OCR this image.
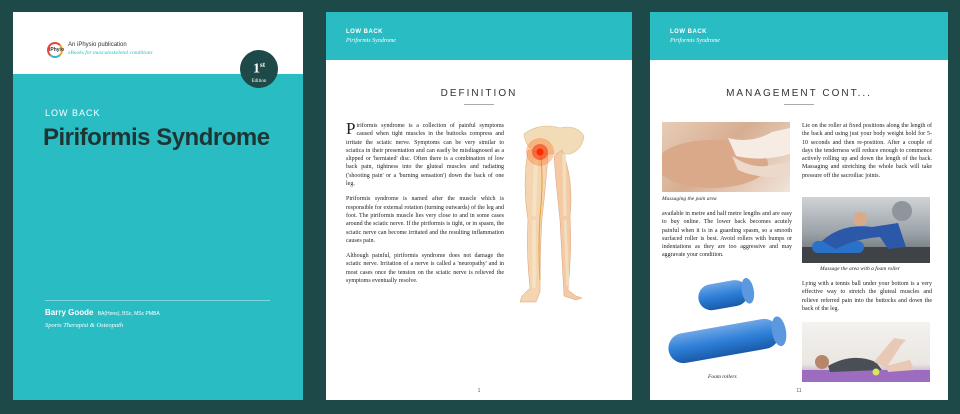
iPhyio
An iPhysio publication
eBooks for musculoskeletal conditions
1st
Edition
LOW BACK
Piriformis Syndrome
Barry Goode BA(Hons), BSc, MSc PMBA
Sports Therapist & Osteopath
LOW BACK
Piriformis Syndrome
DEFINITION

Piriformis syndrome is a collection of painful symptoms caused when tight muscles in the buttocks compress and irritate the sciatic nerve. Symptoms can be very similar to sciatica in their presentation and can easily be misdiagnosed as a slipped or 'herniated' disc. Often there is a combination of low back pain, tightness into the gluteal muscles and radiating ('shooting pain' or a 'burning sensation') down the back of one leg.

Piriformis syndrome is named after the muscle which is responsible for external rotation (turning outwards) of the leg and foot. The piriformis muscle lies very close to and in some cases around the sciatic nerve. If the piriformis is tight, or in spasm, the sciatic nerve can become irritated and the resulting inflammation causes pain.

Although painful, piriformis syndrome does not damage the sciatic nerve. Irritation of a nerve is called a 'neuropathy' and in most cases once the tension on the sciatic nerve is relieved the symptoms eventually resolve.

1
LOW BACK
Piriformis Syndrome
MANAGEMENT CONT...
Massaging the pain area
available in metre and half metre lengths and are easy to buy online. The lower back becomes acutely painful when it is in a guarding spasm, so a smooth surfaced roller is best. Avoid rollers with bumps or indentations as they are too aggressive and may aggravate your condition.
Foam rollers
Lie on the roller at fixed positions along the length of the back and using just your body weight hold for 5-10 seconds and then re-position. After a couple of days the tenderness will reduce enough to commence actively rolling up and down the length of the back. Massaging and stretching the whole back will take pressure off the sacroiliac joints.
Massage the area with a foam roller
Lying with a tennis ball under your bottom is a very effective way to stretch the gluteal muscles and relieve referred pain into the buttocks and down the back of the leg.
11
